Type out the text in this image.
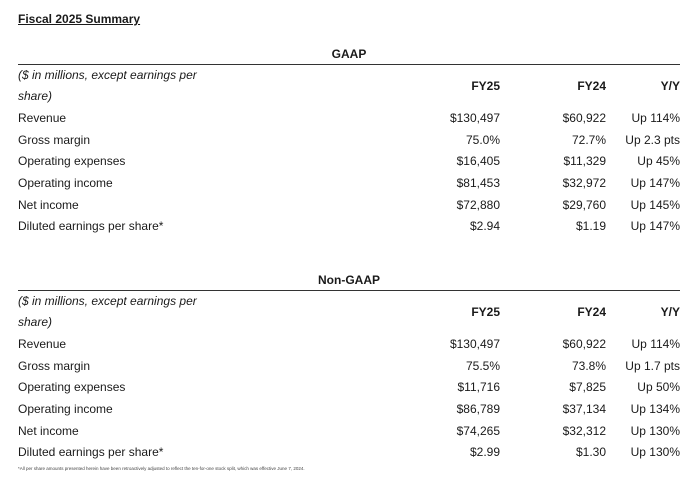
Fiscal 2025 Summary
GAAP
($ in millions, except earnings per share)	FY25	FY24	Y/Y
Revenue	$130,497	$60,922	Up 114%
Gross margin	75.0%	72.7%	Up 2.3 pts
Operating expenses	$16,405	$11,329	Up 45%
Operating income	$81,453	$32,972	Up 147%
Net income	$72,880	$29,760	Up 145%
Diluted earnings per share*	$2.94	$1.19	Up 147%
Non-GAAP
($ in millions, except earnings per share)	FY25	FY24	Y/Y
Revenue	$130,497	$60,922	Up 114%
Gross margin	75.5%	73.8%	Up 1.7 pts
Operating expenses	$11,716	$7,825	Up 50%
Operating income	$86,789	$37,134	Up 134%
Net income	$74,265	$32,312	Up 130%
Diluted earnings per share*	$2.99	$1.30	Up 130%
*All per share amounts presented herein have been retroactively adjusted to reflect the ten-for-one stock split, which was effective June 7, 2024.
